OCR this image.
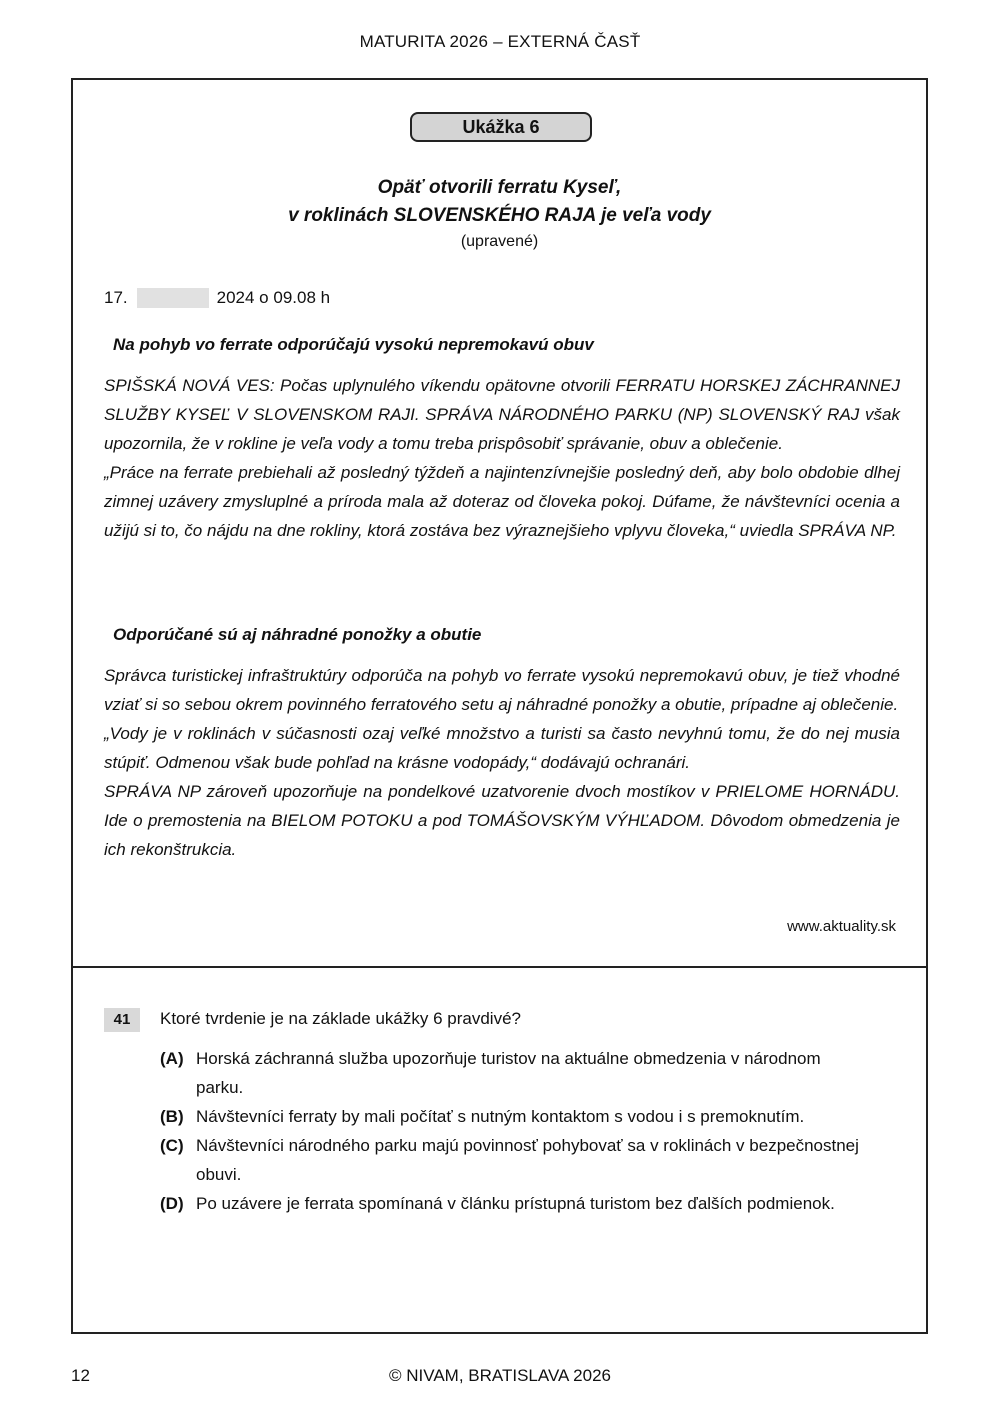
MATURITA 2026 – EXTERNÁ ČASŤ
Ukážka 6
Opäť otvorili ferratu Kyseľ,
v roklinách SLOVENSKÉHO RAJA je veľa vody
(upravené)
17.	2024 o 09.08 h
Na pohyb vo ferrate odporúčajú vysokú nepremokavú obuv

SPIŠSKÁ NOVÁ VES: Počas uplynulého víkendu opätovne otvorili FERRATU HORSKEJ ZÁCHRANNEJ SLUŽBY KYSEĽ V SLOVENSKOM RAJI. SPRÁVA NÁRODNÉHO PARKU (NP) SLOVENSKÝ RAJ však upozornila, že v rokline je veľa vody a tomu treba prispôsobiť správanie, obuv a oblečenie.

„Práce na ferrate prebiehali až posledný týždeň a najintenzívnejšie posledný deň, aby bolo obdobie dlhej zimnej uzávery zmysluplné a príroda mala až doteraz od človeka pokoj. Dúfame, že návštevníci ocenia a užijú si to, čo nájdu na dne rokliny, ktorá zostáva bez výraznejšieho vplyvu človeka,“ uviedla SPRÁVA NP.

Odporúčané sú aj náhradné ponožky a obutie

Správca turistickej infraštruktúry odporúča na pohyb vo ferrate vysokú nepremokavú obuv, je tiež vhodné vziať si so sebou okrem povinného ferratového setu aj náhradné ponožky a obutie, prípadne aj oblečenie.

„Vody je v roklinách v súčasnosti ozaj veľké množstvo a turisti sa často nevyhnú tomu, že do nej musia stúpiť. Odmenou však bude pohľad na krásne vodopády,“ dodávajú ochranári.

SPRÁVA NP zároveň upozorňuje na pondelkové uzatvorenie dvoch mostíkov v PRIELOME HORNÁDU. Ide o premostenia na BIELOM POTOKU a pod TOMÁŠOVSKÝM VÝHĽADOM. Dôvodom obmedzenia je ich rekonštrukcia.

www.aktuality.sk
41	Ktoré tvrdenie je na základe ukážky 6 pravdivé?
(A) Horská záchranná služba upozorňuje turistov na aktuálne obmedzenia v národnom parku.
(B) Návštevníci ferraty by mali počítať s nutným kontaktom s vodou i s premoknutím.
(C) Návštevníci národného parku majú povinnosť pohybovať sa v roklinách v bezpečnostnej obuvi.
(D) Po uzávere je ferrata spomínaná v článku prístupná turistom bez ďalších podmienok.
12	© NIVAM, BRATISLAVA 2026
